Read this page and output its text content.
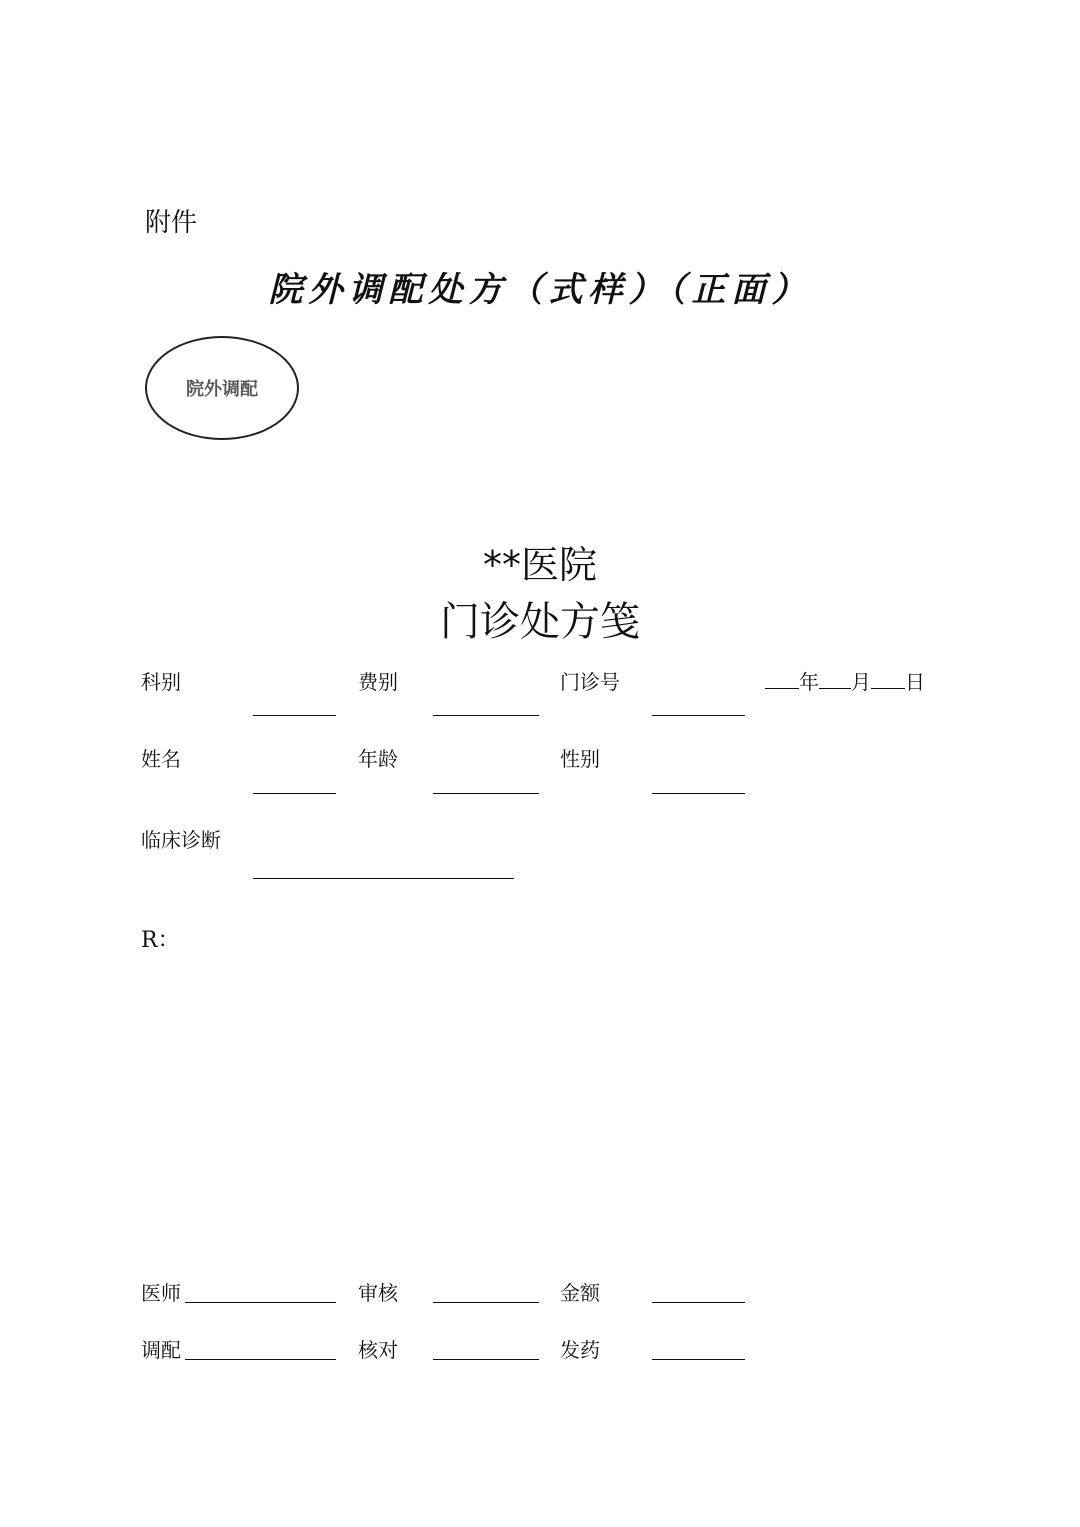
附件
院外调配处方（式样）（正面）
院外调配
**医院
门诊处方笺
科别	费别	门诊号	年 月 日
姓名	年龄	性别
临床诊断
R：
医师	审核	金额
调配	核对	发药
